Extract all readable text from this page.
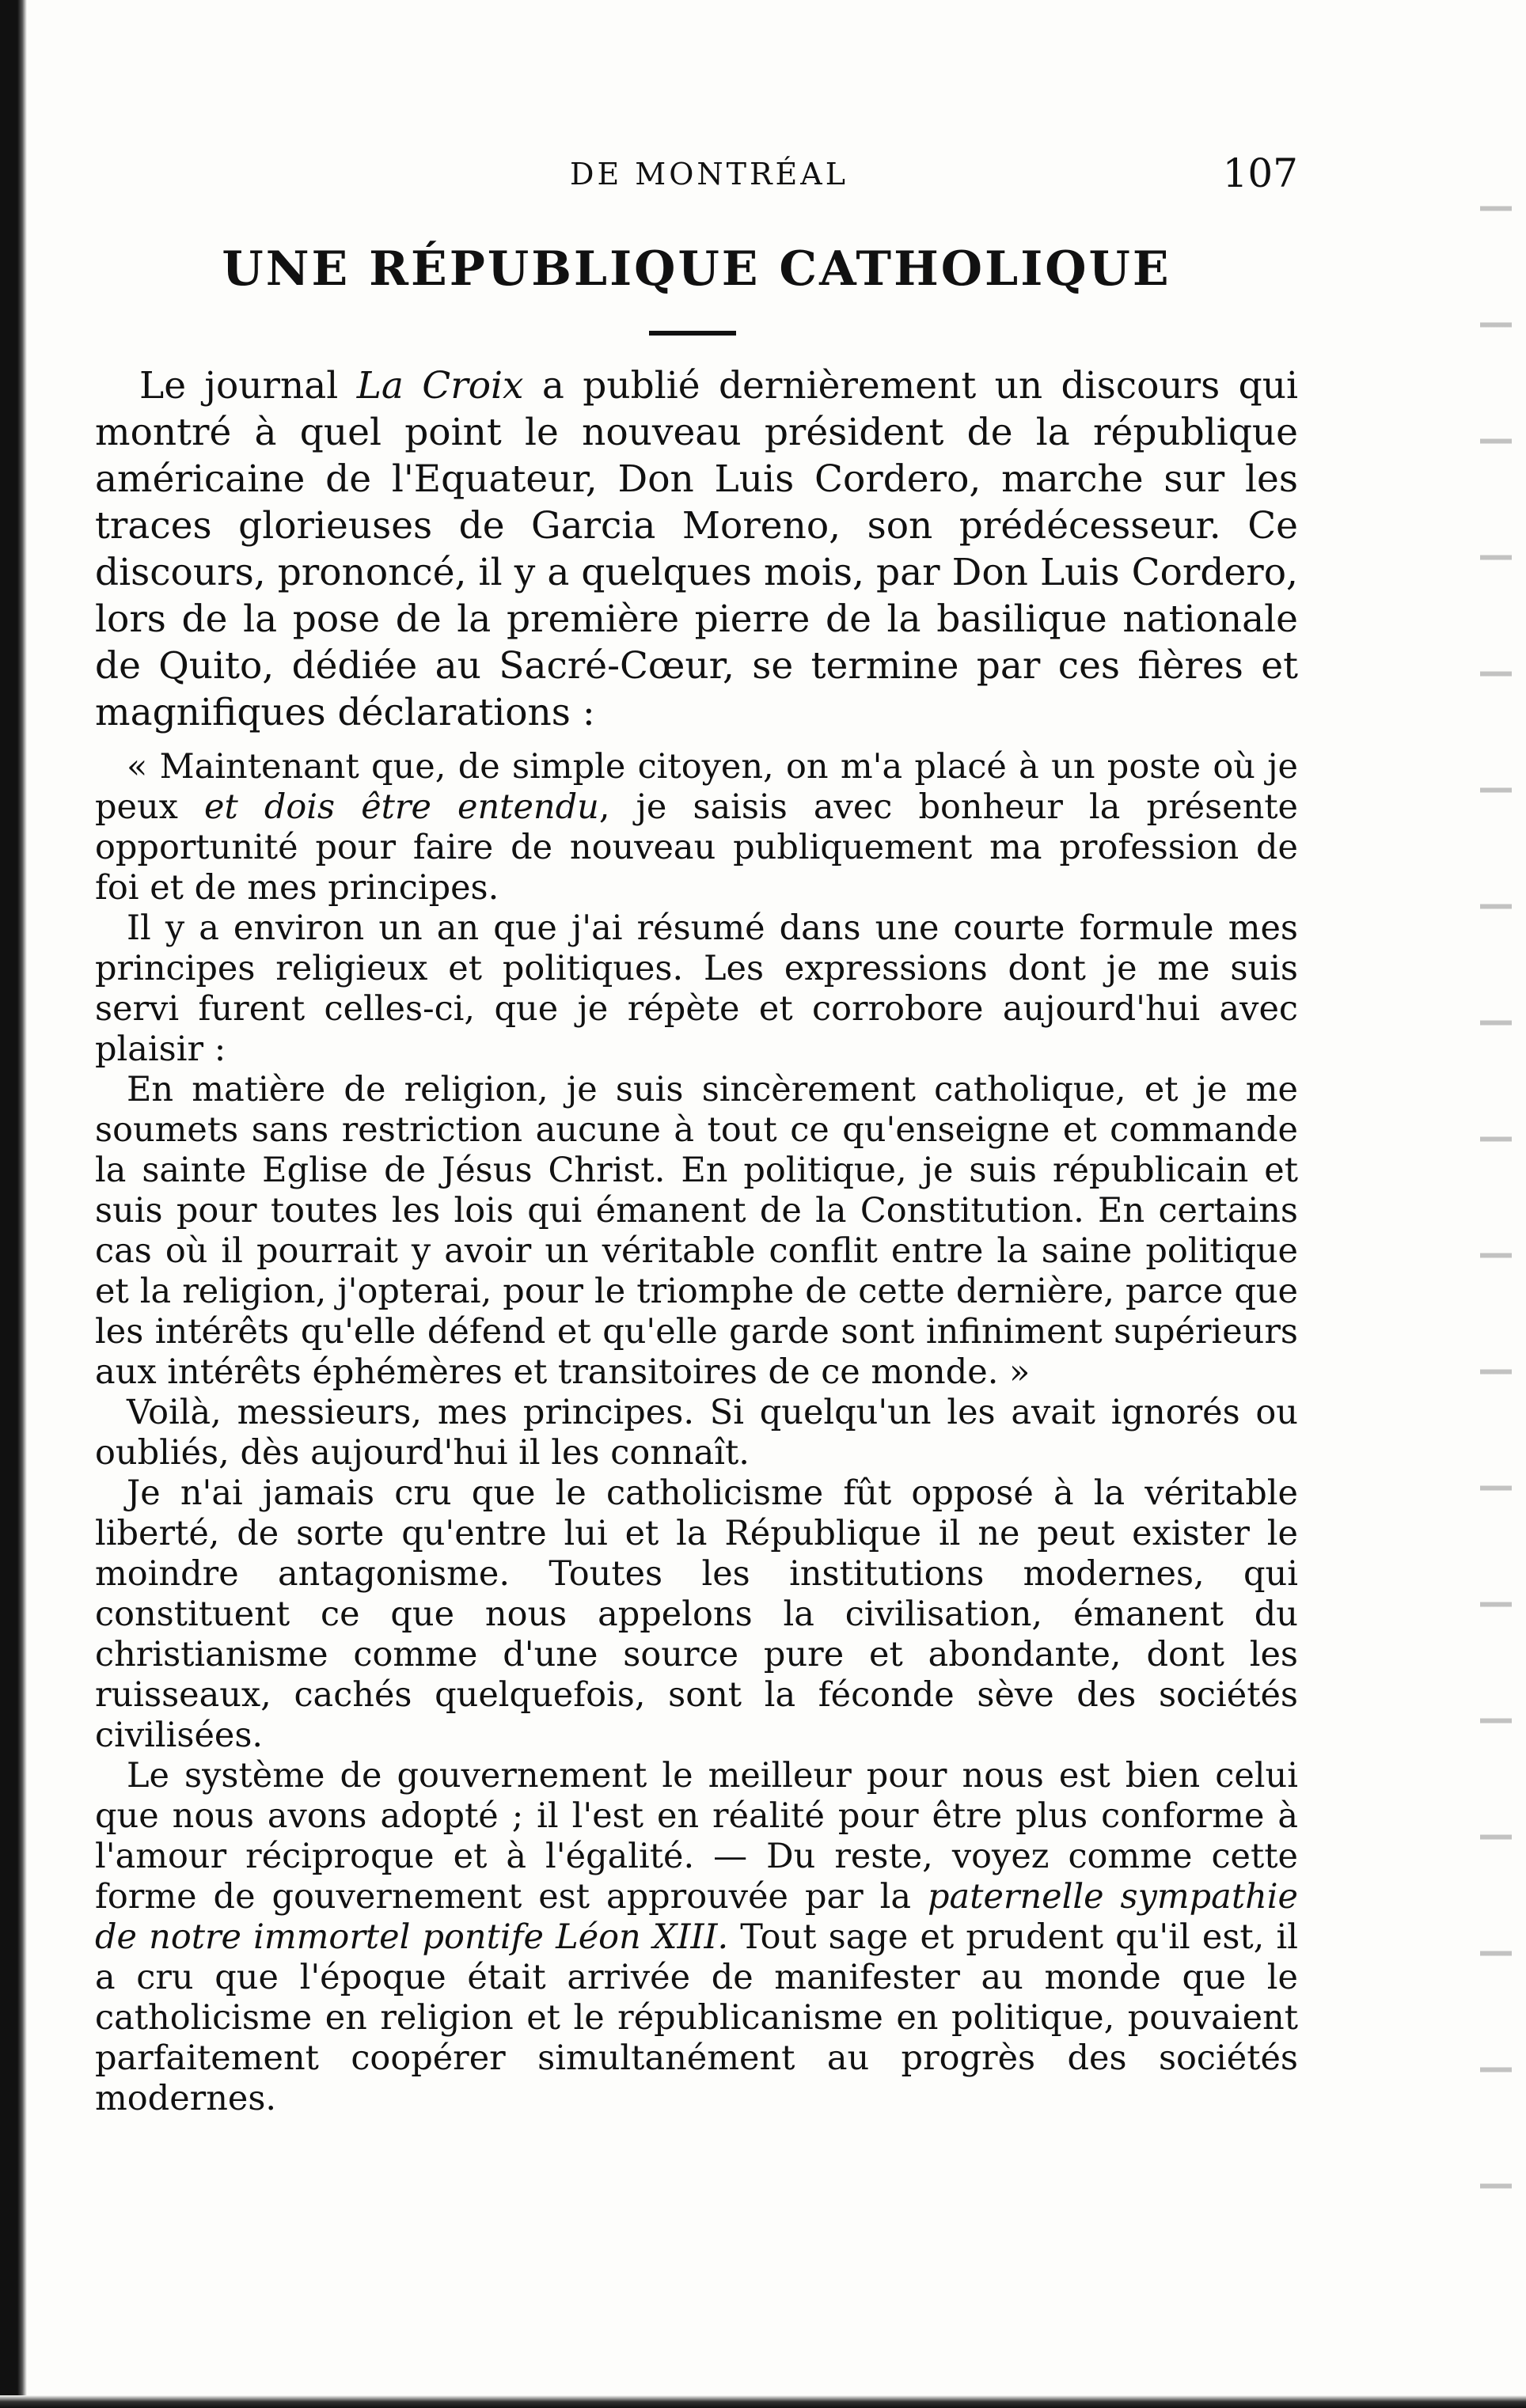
DE MONTRÉAL	107
UNE RÉPUBLIQUE CATHOLIQUE

Le journal La Croix a publié dernièrement un discours qui montré à quel point le nouveau président de la république américaine de l'Equateur, Don Luis Cordero, marche sur les traces glorieuses de Garcia Moreno, son prédécesseur. Ce discours, prononcé, il y a quelques mois, par Don Luis Cordero, lors de la pose de la première pierre de la basilique nationale de Quito, dédiée au Sacré-Cœur, se termine par ces fières et magnifiques déclarations :

« Maintenant que, de simple citoyen, on m'a placé à un poste où je peux et dois être entendu, je saisis avec bonheur la présente opportunité pour faire de nouveau publiquement ma profession de foi et de mes principes.

Il y a environ un an que j'ai résumé dans une courte formule mes principes religieux et politiques. Les expressions dont je me suis servi furent celles-ci, que je répète et corrobore aujourd'hui avec plaisir :

En matière de religion, je suis sincèrement catholique, et je me soumets sans restriction aucune à tout ce qu'enseigne et commande la sainte Eglise de Jésus Christ. En politique, je suis républicain et suis pour toutes les lois qui émanent de la Constitution. En certains cas où il pourrait y avoir un véritable conflit entre la saine politique et la religion, j'opterai, pour le triomphe de cette dernière, parce que les intérêts qu'elle défend et qu'elle garde sont infiniment supérieurs aux intérêts éphémères et transitoires de ce monde. »

Voilà, messieurs, mes principes. Si quelqu'un les avait ignorés ou oubliés, dès aujourd'hui il les connaît.

Je n'ai jamais cru que le catholicisme fût opposé à la véritable liberté, de sorte qu'entre lui et la République il ne peut exister le moindre antagonisme. Toutes les institutions modernes, qui constituent ce que nous appelons la civilisation, émanent du christianisme comme d'une source pure et abondante, dont les ruisseaux, cachés quelquefois, sont la féconde sève des sociétés civilisées.

Le système de gouvernement le meilleur pour nous est bien celui que nous avons adopté ; il l'est en réalité pour être plus conforme à l'amour réciproque et à l'égalité. — Du reste, voyez comme cette forme de gouvernement est approuvée par la paternelle sympathie de notre immortel pontife Léon XIII. Tout sage et prudent qu'il est, il a cru que l'époque était arrivée de manifester au monde que le catholicisme en religion et le républicanisme en politique, pouvaient parfaitement coopérer simultanément au progrès des sociétés modernes.
